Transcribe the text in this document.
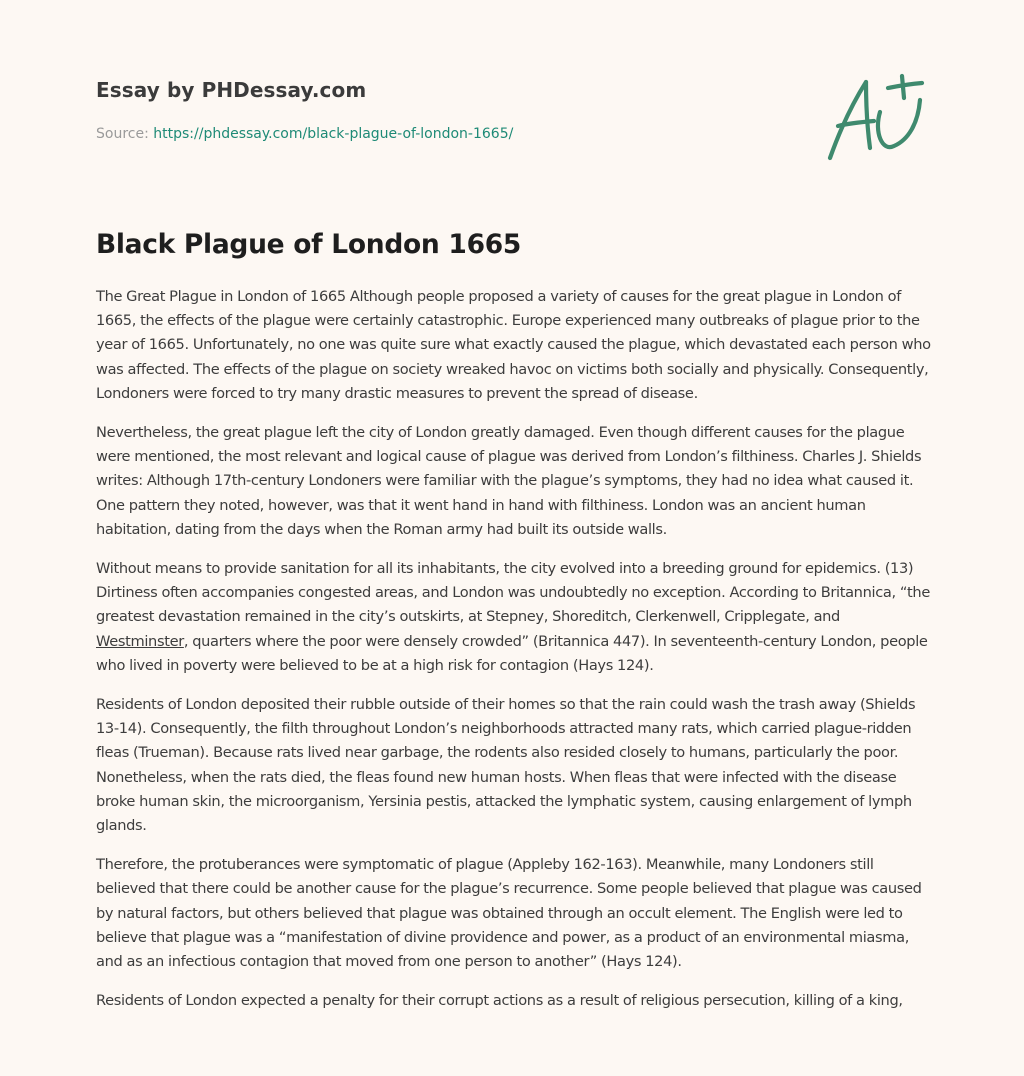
Essay by PHDessay.com
Source: https://phdessay.com/black-plague-of-london-1665/
Black Plague of London 1665

The Great Plague in London of 1665 Although people proposed a variety of causes for the great plague in London of 1665, the effects of the plague were certainly catastrophic. Europe experienced many outbreaks of plague prior to the year of 1665. Unfortunately, no one was quite sure what exactly caused the plague, which devastated each person who was affected. The effects of the plague on society wreaked havoc on victims both socially and physically. Consequently, Londoners were forced to try many drastic measures to prevent the spread of disease.

Nevertheless, the great plague left the city of London greatly damaged. Even though different causes for the plague were mentioned, the most relevant and logical cause of plague was derived from London’s filthiness. Charles J. Shields writes: Although 17th-century Londoners were familiar with the plague’s symptoms, they had no idea what caused it. One pattern they noted, however, was that it went hand in hand with filthiness. London was an ancient human habitation, dating from the days when the Roman army had built its outside walls.

Without means to provide sanitation for all its inhabitants, the city evolved into a breeding ground for epidemics. (13) Dirtiness often accompanies congested areas, and London was undoubtedly no exception. According to Britannica, “the greatest devastation remained in the city’s outskirts, at Stepney, Shoreditch, Clerkenwell, Cripplegate, and Westminster, quarters where the poor were densely crowded” (Britannica 447). In seventeenth-century London, people who lived in poverty were believed to be at a high risk for contagion (Hays 124).

Residents of London deposited their rubble outside of their homes so that the rain could wash the trash away (Shields 13-14). Consequently, the filth throughout London’s neighborhoods attracted many rats, which carried plague-ridden fleas (Trueman). Because rats lived near garbage, the rodents also resided closely to humans, particularly the poor. Nonetheless, when the rats died, the fleas found new human hosts. When fleas that were infected with the disease broke human skin, the microorganism, Yersinia pestis, attacked the lymphatic system, causing enlargement of lymph glands.

Therefore, the protuberances were symptomatic of plague (Appleby 162-163). Meanwhile, many Londoners still believed that there could be another cause for the plague’s recurrence. Some people believed that plague was caused by natural factors, but others believed that plague was obtained through an occult element. The English were led to believe that plague was a “manifestation of divine providence and power, as a product of an environmental miasma, and as an infectious contagion that moved from one person to another” (Hays 124).

Residents of London expected a penalty for their corrupt actions as a result of religious persecution, killing of a king,
